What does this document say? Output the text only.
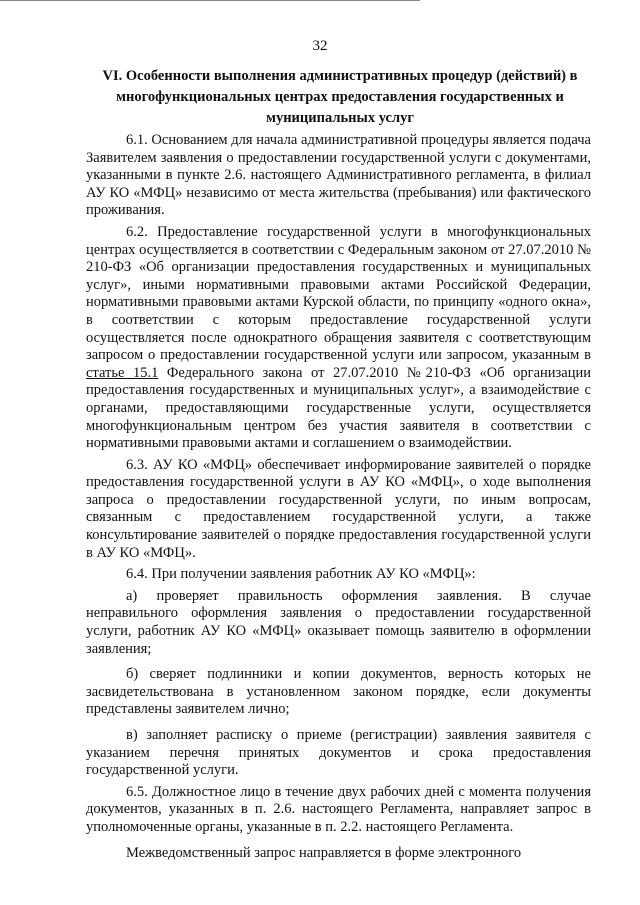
32
VI. Особенности выполнения административных процедур (действий) в многофункциональных центрах предоставления государственных и муниципальных услуг

6.1. Основанием для начала административной процедуры является подача Заявителем заявления о предоставлении государственной услуги с документами, указанными в пункте 2.6. настоящего Административного регламента, в филиал АУ КО «МФЦ» независимо от места жительства (пребывания) или фактического проживания.

6.2. Предоставление государственной услуги в многофункциональных центрах осуществляется в соответствии с Федеральным законом от 27.07.2010 № 210-ФЗ «Об организации предоставления государственных и муниципальных услуг», иными нормативными правовыми актами Российской Федерации, нормативными правовыми актами Курской области, по принципу «одного окна», в соответствии с которым предоставление государственной услуги осуществляется после однократного обращения заявителя с соответствующим запросом о предоставлении государственной услуги или запросом, указанным в статье 15.1 Федерального закона от 27.07.2010 №210-ФЗ «Об организации предоставления государственных и муниципальных услуг», а взаимодействие с органами, предоставляющими государственные услуги, осуществляется многофункциональным центром без участия заявителя в соответствии с нормативными правовыми актами и соглашением о взаимодействии.

6.3. АУ КО «МФЦ» обеспечивает информирование заявителей о порядке предоставления государственной услуги в АУ КО «МФЦ», о ходе выполнения запроса о предоставлении государственной услуги, по иным вопросам, связанным с предоставлением государственной услуги, а также консультирование заявителей о порядке предоставления государственной услуги в АУ КО «МФЦ».

6.4. При получении заявления работник АУ КО «МФЦ»:

а) проверяет правильность оформления заявления. В случае неправильного оформления заявления о предоставлении государственной услуги, работник АУ КО «МФЦ» оказывает помощь заявителю в оформлении заявления;

б) сверяет подлинники и копии документов, верность которых не засвидетельствована в установленном законом порядке, если документы представлены заявителем лично;

в) заполняет расписку о приеме (регистрации) заявления заявителя с указанием перечня принятых документов и срока предоставления государственной услуги.

6.5. Должностное лицо в течение двух рабочих дней с момента получения документов, указанных в п. 2.6. настоящего Регламента, направляет запрос в уполномоченные органы, указанные в п. 2.2. настоящего Регламента.

Межведомственный запрос направляется в форме электронного
